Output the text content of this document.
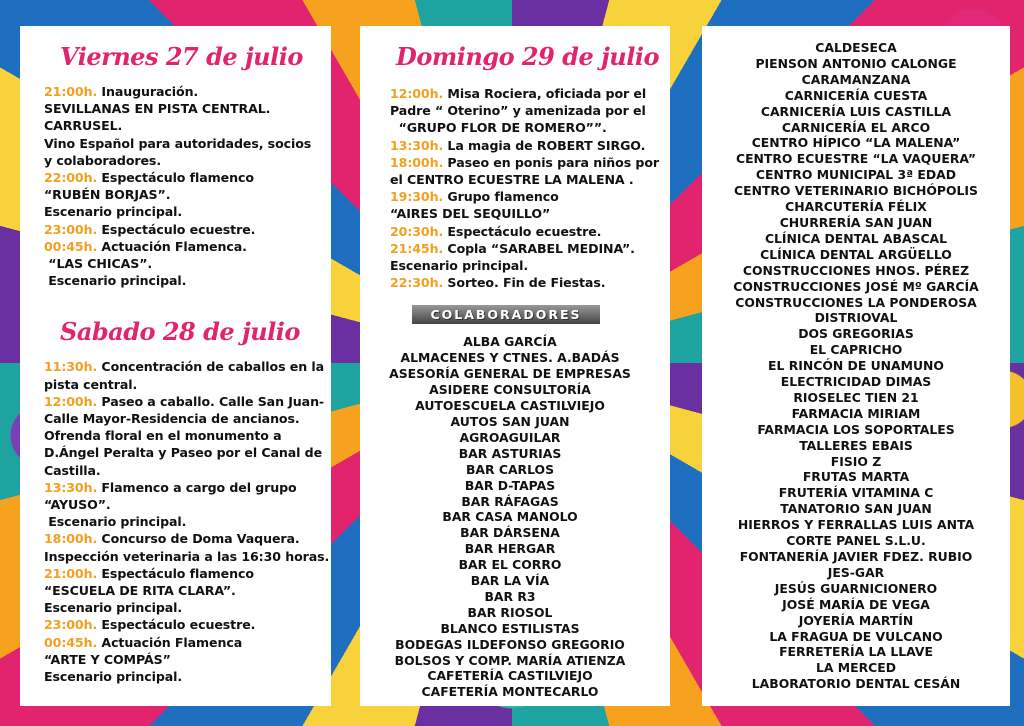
Viernes 27 de julio
21:00h. Inauguración.
SEVILLANAS EN PISTA CENTRAL.
CARRUSEL.
Vino Español para autoridades, socios
y colaboradores.
22:00h. Espectáculo flamenco
“RUBÉN BORJAS”.
Escenario principal.
23:00h. Espectáculo ecuestre.
00:45h. Actuación Flamenca.
“LAS CHICAS”.
Escenario principal.
Sabado 28 de julio
11:30h. Concentración de caballos en la
pista central.
12:00h. Paseo a caballo. Calle San Juan-
Calle Mayor-Residencia de ancianos.
Ofrenda floral en el monumento a
D.Ángel Peralta y Paseo por el Canal de
Castilla.
13:30h. Flamenco a cargo del grupo
“AYUSO”.
Escenario principal.
18:00h. Concurso de Doma Vaquera.
Inspección veterinaria a las 16:30 horas.
21:00h. Espectáculo flamenco
“ESCUELA DE RITA CLARA”.
Escenario principal.
23:00h. Espectáculo ecuestre.
00:45h. Actuación Flamenca
“ARTE Y COMPÁS”
Escenario principal.
Domingo 29 de julio
12:00h. Misa Rociera, oficiada por el
Padre “ Oterino” y amenizada por el
“GRUPO FLOR DE ROMERO””.
13:30h. La magia de ROBERT SIRGO.
18:00h. Paseo en ponis para niños por
el CENTRO ECUESTRE LA MALENA .
19:30h. Grupo flamenco
“AIRES DEL SEQUILLO”
20:30h. Espectáculo ecuestre.
21:45h. Copla “SARABEL MEDINA”.
Escenario principal.
22:30h. Sorteo. Fin de Fiestas.
COLABORADORES
ALBA GARCÍA
ALMACENES Y CTNES. A.BADÁS
ASESORÍA GENERAL DE EMPRESAS
ASIDERE CONSULTORÍA
AUTOESCUELA CASTILVIEJO
AUTOS SAN JUAN
AGROAGUILAR
BAR ASTURIAS
BAR CARLOS
BAR D-TAPAS
BAR RÁFAGAS
BAR CASA MANOLO
BAR DÁRSENA
BAR HERGAR
BAR EL CORRO
BAR LA VÍA
BAR R3
BAR RIOSOL
BLANCO ESTILISTAS
BODEGAS ILDEFONSO GREGORIO
BOLSOS Y COMP. MARÍA ATIENZA
CAFETERÍA CASTILVIEJO
CAFETERÍA MONTECARLO
CALDESECA
PIENSON ANTONIO CALONGE
CARAMANZANA
CARNICERÍA CUESTA
CARNICERÍA LUIS CASTILLA
CARNICERÍA EL ARCO
CENTRO HÍPICO “LA MALENA”
CENTRO ECUESTRE “LA VAQUERA”
CENTRO MUNICIPAL 3ª EDAD
CENTRO VETERINARIO BICHÓPOLIS
CHARCUTERÍA FÉLIX
CHURRERÍA SAN JUAN
CLÍNICA DENTAL ABASCAL
CLÍNICA DENTAL ARGÜELLO
CONSTRUCCIONES HNOS. PÉREZ
CONSTRUCCIONES JOSÉ Mº GARCÍA
CONSTRUCCIONES LA PONDEROSA
DISTRIOVAL
DOS GREGORIAS
EL CAPRICHO
EL RINCÓN DE UNAMUNO
ELECTRICIDAD DIMAS
RIOSELEC TIEN 21
FARMACIA MIRIAM
FARMACIA LOS SOPORTALES
TALLERES EBAIS
FISIO Z
FRUTAS MARTA
FRUTERÍA VITAMINA C
TANATORIO SAN JUAN
HIERROS Y FERRALLAS LUIS ANTA
CORTE PANEL S.L.U.
FONTANERÍA JAVIER FDEZ. RUBIO
JES-GAR
JESÚS GUARNICIONERO
JOSÉ MARÍA DE VEGA
JOYERÍA MARTÍN
LA FRAGUA DE VULCANO
FERRETERÍA LA LLAVE
LA MERCED
LABORATORIO DENTAL CESÁN
